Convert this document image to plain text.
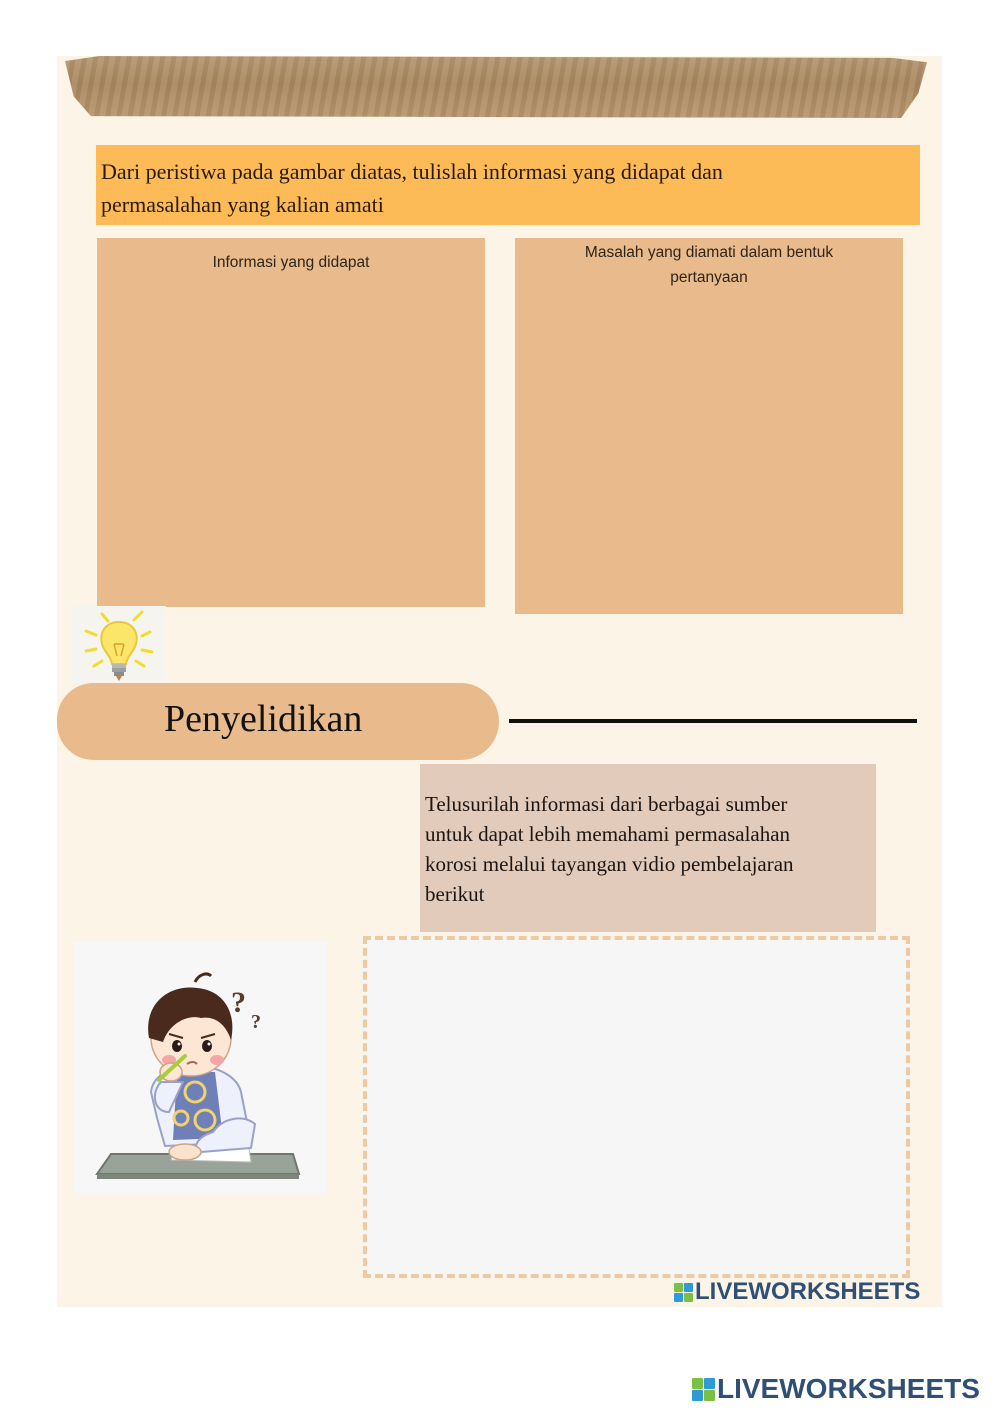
Dari peristiwa pada gambar diatas, tulislah informasi yang didapat dan
permasalahan yang kalian amati
Informasi yang didapat
Masalah yang diamati dalam bentuk
pertanyaan
Penyelidikan
Telusurilah informasi dari berbagai sumber
untuk dapat lebih memahami permasalahan
korosi melalui tayangan vidio pembelajaran
berikut
?
?
LIVEWORKSHEETS
LIVEWORKSHEETS
